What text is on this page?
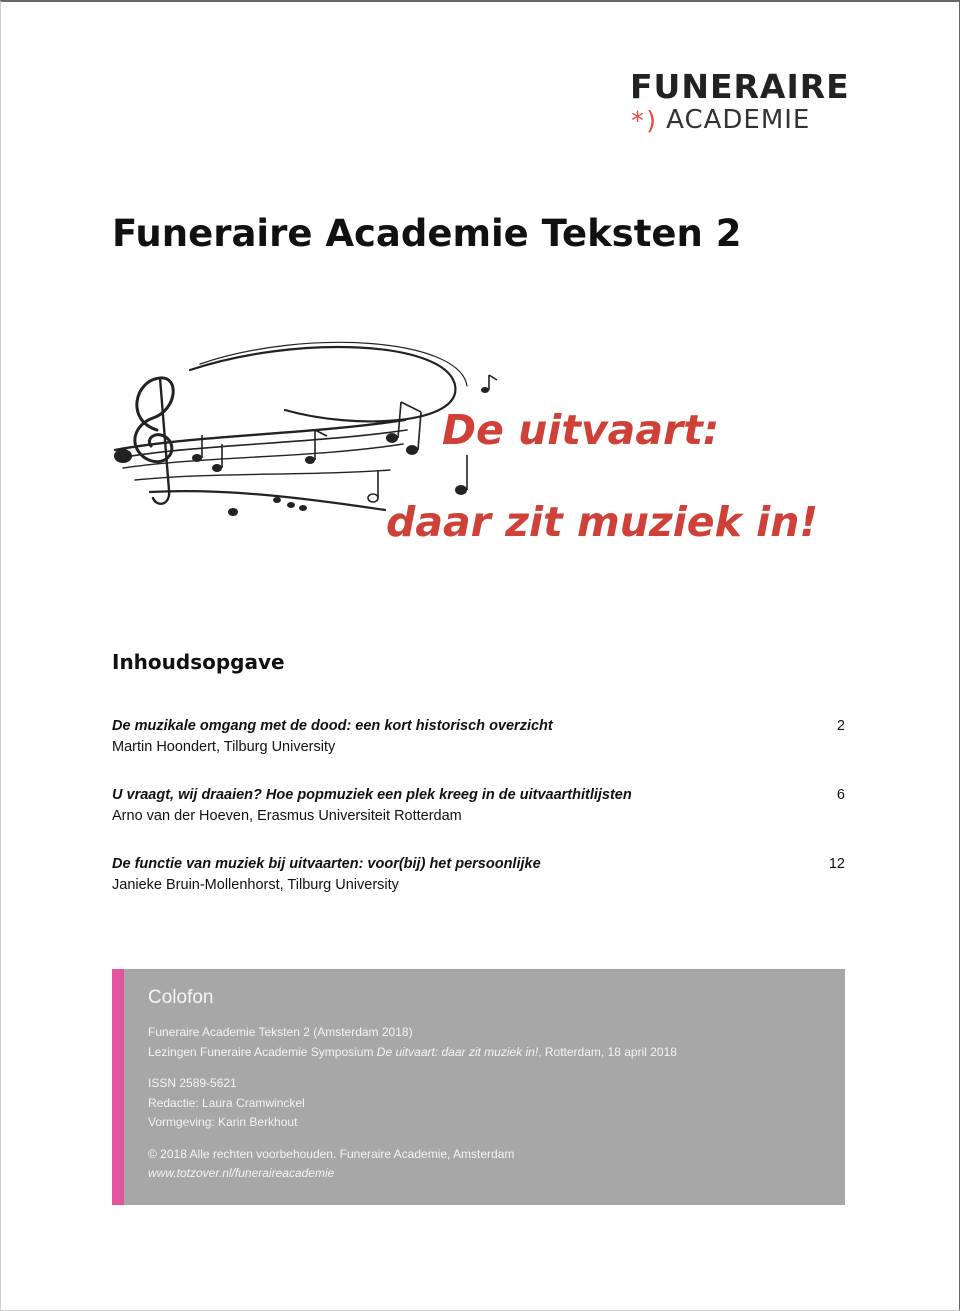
FUNERAIRE
*) ACADEMIE
Funeraire Academie Teksten 2
De uitvaart:
daar zit muziek in!
Inhoudsopgave
De muzikale omgang met de dood: een kort historisch overzicht
Martin Hoondert, Tilburg University
2
U vraagt, wij draaien? Hoe popmuziek een plek kreeg in de uitvaarthitlijsten
Arno van der Hoeven, Erasmus Universiteit Rotterdam
6
De functie van muziek bij uitvaarten: voor(bij) het persoonlijke
Janieke Bruin-Mollenhorst, Tilburg University
12
Colofon
Funeraire Academie Teksten 2 (Amsterdam 2018)
Lezingen Funeraire Academie Symposium De uitvaart: daar zit muziek in!, Rotterdam, 18 april 2018
ISSN 2589-5621
Redactie: Laura Cramwinckel
Vormgeving: Karin Berkhout
© 2018 Alle rechten voorbehouden. Funeraire Academie, Amsterdam
www.totzover.nl/funeraireacademie
